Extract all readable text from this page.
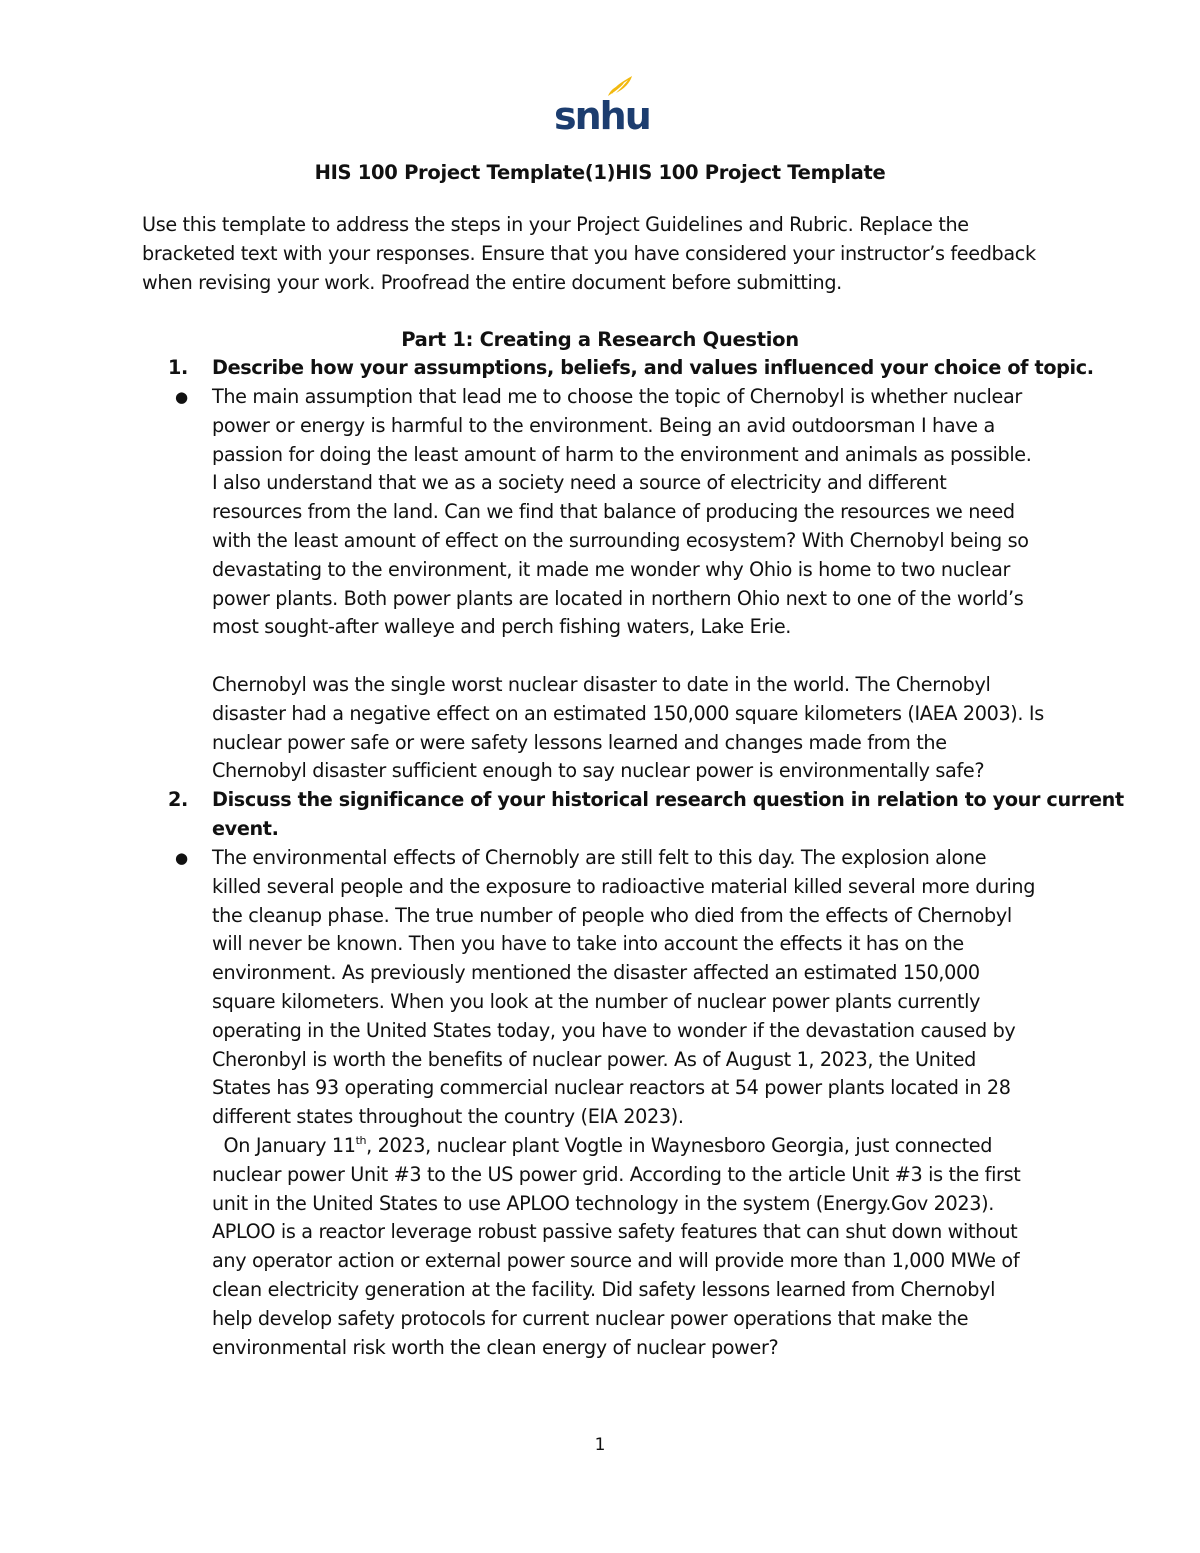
snhu
HIS 100 Project Template(1)HIS 100 Project Template
Use this template to address the steps in your Project Guidelines and Rubric. Replace the
bracketed text with your responses. Ensure that you have considered your instructor’s feedback
when revising your work. Proofread the entire document before submitting.
Part 1: Creating a Research Question
1.	Describe how your assumptions, beliefs, and values influenced your choice of topic.
●	The main assumption that lead me to choose the topic of Chernobyl is whether nuclear
power or energy is harmful to the environment. Being an avid outdoorsman I have a
passion for doing the least amount of harm to the environment and animals as possible.
I also understand that we as a society need a source of electricity and different
resources from the land. Can we find that balance of producing the resources we need
with the least amount of effect on the surrounding ecosystem? With Chernobyl being so
devastating to the environment, it made me wonder why Ohio is home to two nuclear
power plants. Both power plants are located in northern Ohio next to one of the world’s
most sought-after walleye and perch fishing waters, Lake Erie.

Chernobyl was the single worst nuclear disaster to date in the world. The Chernobyl
disaster had a negative effect on an estimated 150,000 square kilometers (IAEA 2003). Is
nuclear power safe or were safety lessons learned and changes made from the
Chernobyl disaster sufficient enough to say nuclear power is environmentally safe?
2.	Discuss the significance of your historical research question in relation to your current
event.
●	The environmental effects of Chernobly are still felt to this day. The explosion alone
killed several people and the exposure to radioactive material killed several more during
the cleanup phase. The true number of people who died from the effects of Chernobyl
will never be known. Then you have to take into account the effects it has on the
environment. As previously mentioned the disaster affected an estimated 150,000
square kilometers. When you look at the number of nuclear power plants currently
operating in the United States today, you have to wonder if the devastation caused by
Cheronbyl is worth the benefits of nuclear power. As of August 1, 2023, the United
States has 93 operating commercial nuclear reactors at 54 power plants located in 28
different states throughout the country (EIA 2023).
On January 11th, 2023, nuclear plant Vogtle in Waynesboro Georgia, just connected
nuclear power Unit #3 to the US power grid. According to the article Unit #3 is the first
unit in the United States to use APLOO technology in the system (Energy.Gov 2023).
APLOO is a reactor leverage robust passive safety features that can shut down without
any operator action or external power source and will provide more than 1,000 MWe of
clean electricity generation at the facility. Did safety lessons learned from Chernobyl
help develop safety protocols for current nuclear power operations that make the
environmental risk worth the clean energy of nuclear power?
1
